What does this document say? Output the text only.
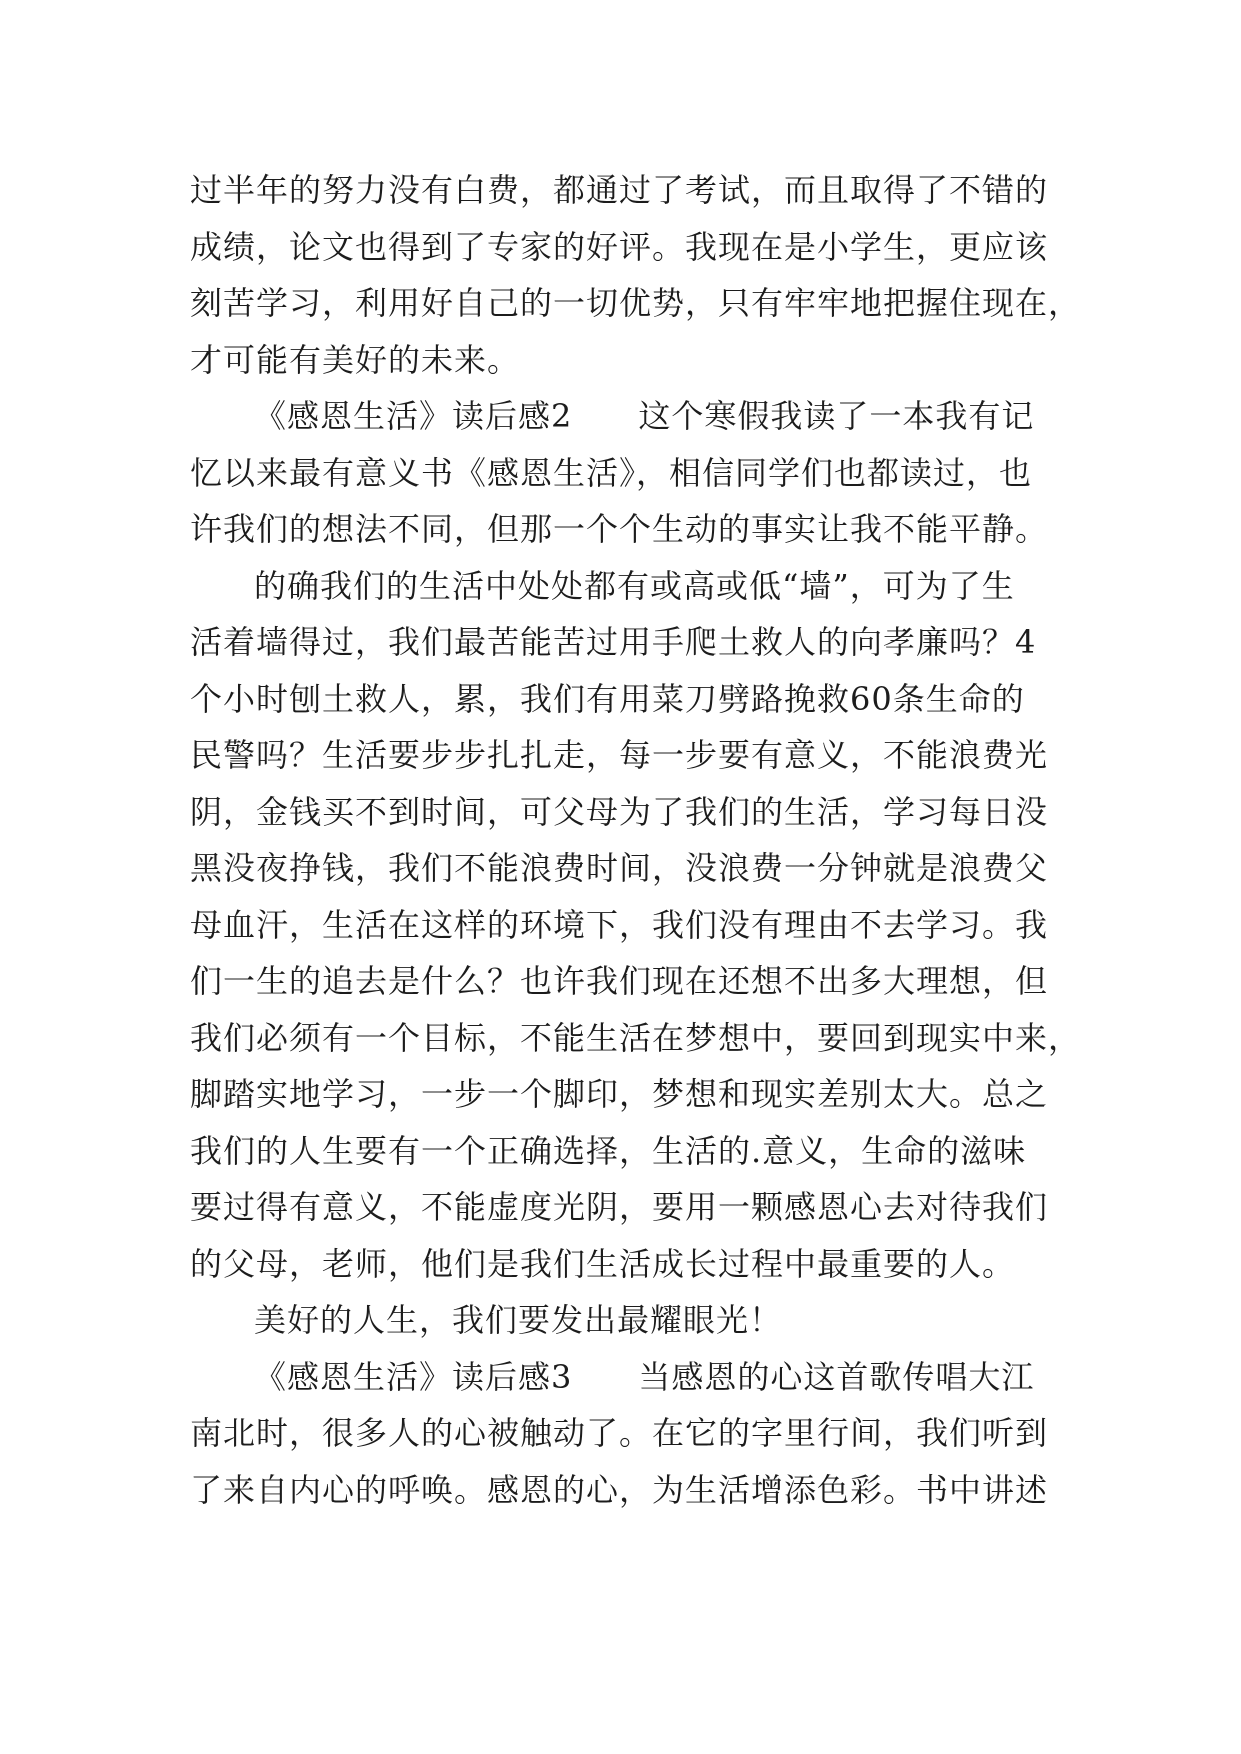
过半年的努力没有白费，都通过了考试，而且取得了不错的
成绩，论文也得到了专家的好评。我现在是小学生，更应该
刻苦学习，利用好自己的一切优势，只有牢牢地把握住现在，
才可能有美好的未来。
《感恩生活》读后感2　　这个寒假我读了一本我有记
忆以来最有意义书《感恩生活》，相信同学们也都读过，也
许我们的想法不同，但那一个个生动的事实让我不能平静。
的确我们的生活中处处都有或高或低“墙”，可为了生
活着墙得过，我们最苦能苦过用手爬土救人的向孝廉吗？4
个小时刨土救人，累，我们有用菜刀劈路挽救60条生命的
民警吗？生活要步步扎扎走，每一步要有意义，不能浪费光
阴，金钱买不到时间，可父母为了我们的生活，学习每日没
黑没夜挣钱，我们不能浪费时间，没浪费一分钟就是浪费父
母血汗，生活在这样的环境下，我们没有理由不去学习。我
们一生的追去是什么？也许我们现在还想不出多大理想，但
我们必须有一个目标，不能生活在梦想中，要回到现实中来，
脚踏实地学习，一步一个脚印，梦想和现实差别太大。总之
我们的人生要有一个正确选择，生活的.意义，生命的滋味
要过得有意义，不能虚度光阴，要用一颗感恩心去对待我们
的父母，老师，他们是我们生活成长过程中最重要的人。
美好的人生，我们要发出最耀眼光！
《感恩生活》读后感3　　当感恩的心这首歌传唱大江
南北时，很多人的心被触动了。在它的字里行间，我们听到
了来自内心的呼唤。感恩的心，为生活增添色彩。书中讲述
